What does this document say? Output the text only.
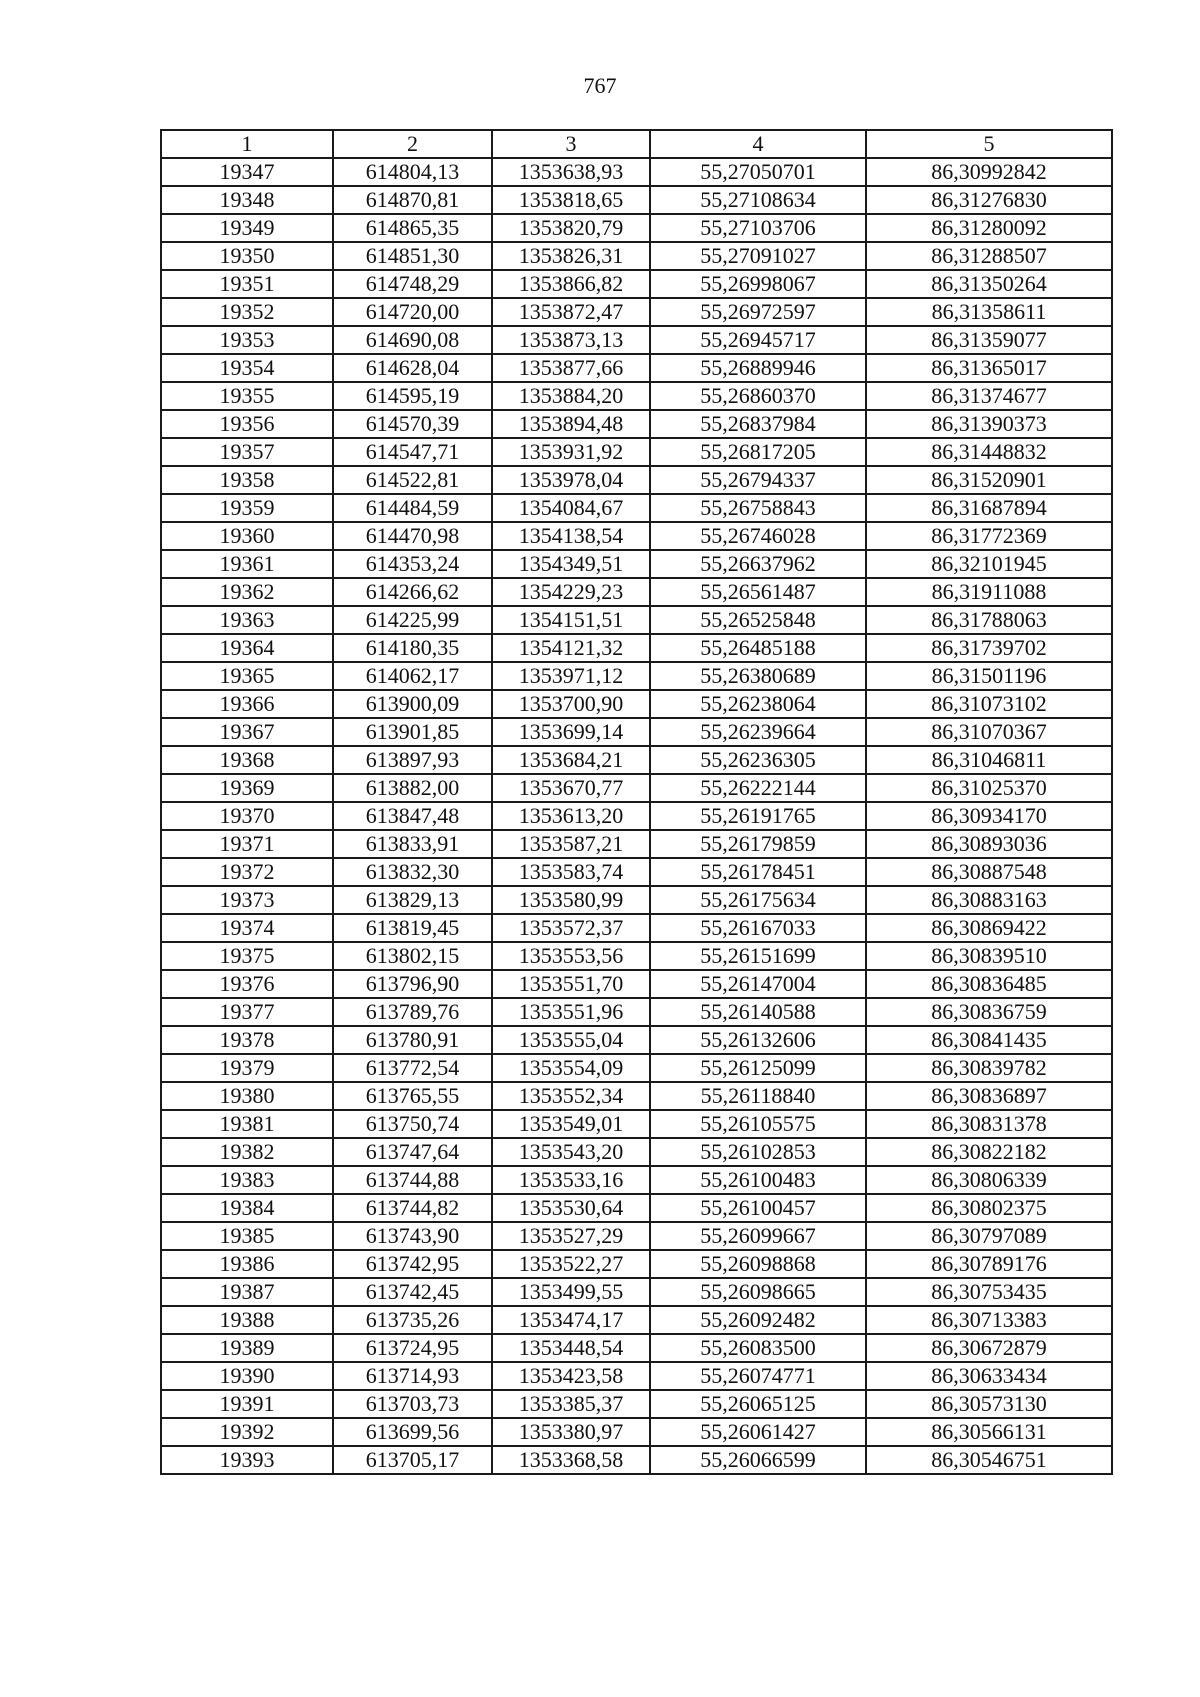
767
1	2	3	4	5
19347	614804,13	1353638,93	55,27050701	86,30992842
19348	614870,81	1353818,65	55,27108634	86,31276830
19349	614865,35	1353820,79	55,27103706	86,31280092
19350	614851,30	1353826,31	55,27091027	86,31288507
19351	614748,29	1353866,82	55,26998067	86,31350264
19352	614720,00	1353872,47	55,26972597	86,31358611
19353	614690,08	1353873,13	55,26945717	86,31359077
19354	614628,04	1353877,66	55,26889946	86,31365017
19355	614595,19	1353884,20	55,26860370	86,31374677
19356	614570,39	1353894,48	55,26837984	86,31390373
19357	614547,71	1353931,92	55,26817205	86,31448832
19358	614522,81	1353978,04	55,26794337	86,31520901
19359	614484,59	1354084,67	55,26758843	86,31687894
19360	614470,98	1354138,54	55,26746028	86,31772369
19361	614353,24	1354349,51	55,26637962	86,32101945
19362	614266,62	1354229,23	55,26561487	86,31911088
19363	614225,99	1354151,51	55,26525848	86,31788063
19364	614180,35	1354121,32	55,26485188	86,31739702
19365	614062,17	1353971,12	55,26380689	86,31501196
19366	613900,09	1353700,90	55,26238064	86,31073102
19367	613901,85	1353699,14	55,26239664	86,31070367
19368	613897,93	1353684,21	55,26236305	86,31046811
19369	613882,00	1353670,77	55,26222144	86,31025370
19370	613847,48	1353613,20	55,26191765	86,30934170
19371	613833,91	1353587,21	55,26179859	86,30893036
19372	613832,30	1353583,74	55,26178451	86,30887548
19373	613829,13	1353580,99	55,26175634	86,30883163
19374	613819,45	1353572,37	55,26167033	86,30869422
19375	613802,15	1353553,56	55,26151699	86,30839510
19376	613796,90	1353551,70	55,26147004	86,30836485
19377	613789,76	1353551,96	55,26140588	86,30836759
19378	613780,91	1353555,04	55,26132606	86,30841435
19379	613772,54	1353554,09	55,26125099	86,30839782
19380	613765,55	1353552,34	55,26118840	86,30836897
19381	613750,74	1353549,01	55,26105575	86,30831378
19382	613747,64	1353543,20	55,26102853	86,30822182
19383	613744,88	1353533,16	55,26100483	86,30806339
19384	613744,82	1353530,64	55,26100457	86,30802375
19385	613743,90	1353527,29	55,26099667	86,30797089
19386	613742,95	1353522,27	55,26098868	86,30789176
19387	613742,45	1353499,55	55,26098665	86,30753435
19388	613735,26	1353474,17	55,26092482	86,30713383
19389	613724,95	1353448,54	55,26083500	86,30672879
19390	613714,93	1353423,58	55,26074771	86,30633434
19391	613703,73	1353385,37	55,26065125	86,30573130
19392	613699,56	1353380,97	55,26061427	86,30566131
19393	613705,17	1353368,58	55,26066599	86,30546751
